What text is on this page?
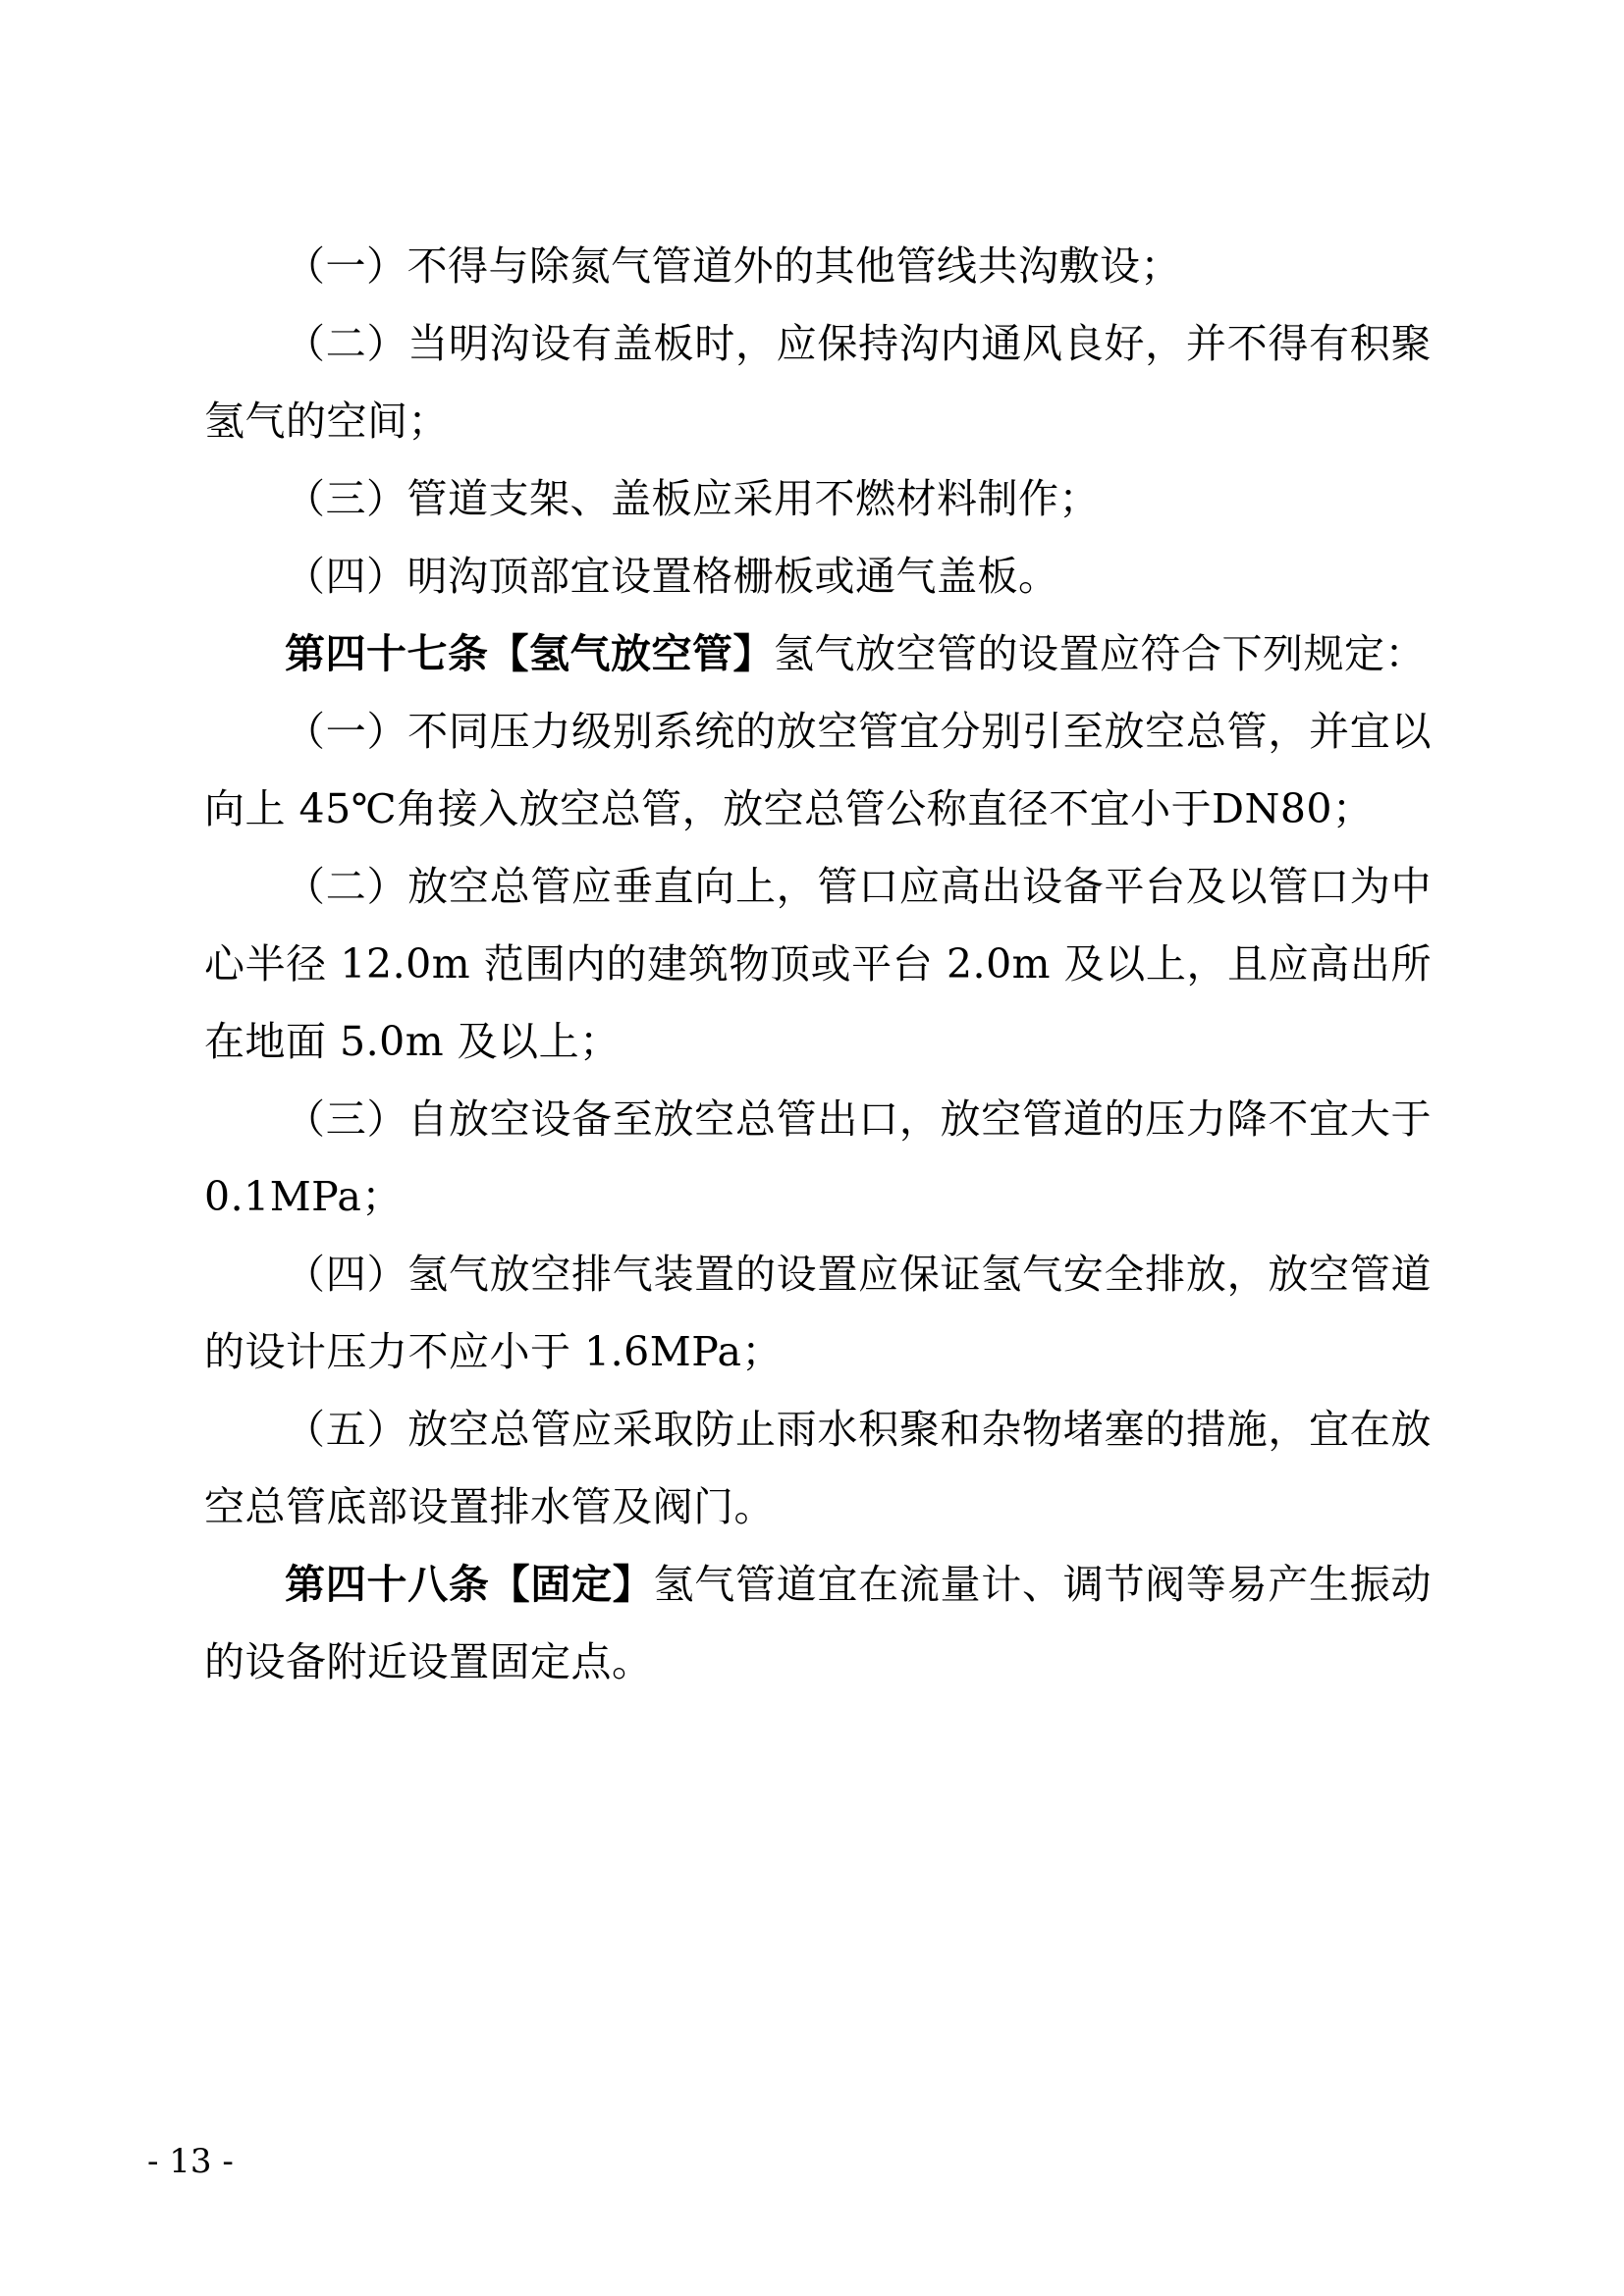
（一）不得与除氮气管道外的其他管线共沟敷设；

（二）当明沟设有盖板时，应保持沟内通风良好，并不得有积聚氢气的空间；

（三）管道支架、盖板应采用不燃材料制作；

（四）明沟顶部宜设置格栅板或通气盖板。

第四十七条【氢气放空管】氢气放空管的设置应符合下列规定：

（一）不同压力级别系统的放空管宜分别引至放空总管，并宜以向上 45℃角接入放空总管，放空总管公称直径不宜小于DN80；

（二）放空总管应垂直向上，管口应高出设备平台及以管口为中心半径 12.0m 范围内的建筑物顶或平台 2.0m 及以上，且应高出所在地面 5.0m 及以上；

（三）自放空设备至放空总管出口，放空管道的压力降不宜大于 0.1MPa；

（四）氢气放空排气装置的设置应保证氢气安全排放，放空管道的设计压力不应小于 1.6MPa；

（五）放空总管应采取防止雨水积聚和杂物堵塞的措施，宜在放空总管底部设置排水管及阀门。

第四十八条【固定】氢气管道宜在流量计、调节阀等易产生振动的设备附近设置固定点。

- 13 -
